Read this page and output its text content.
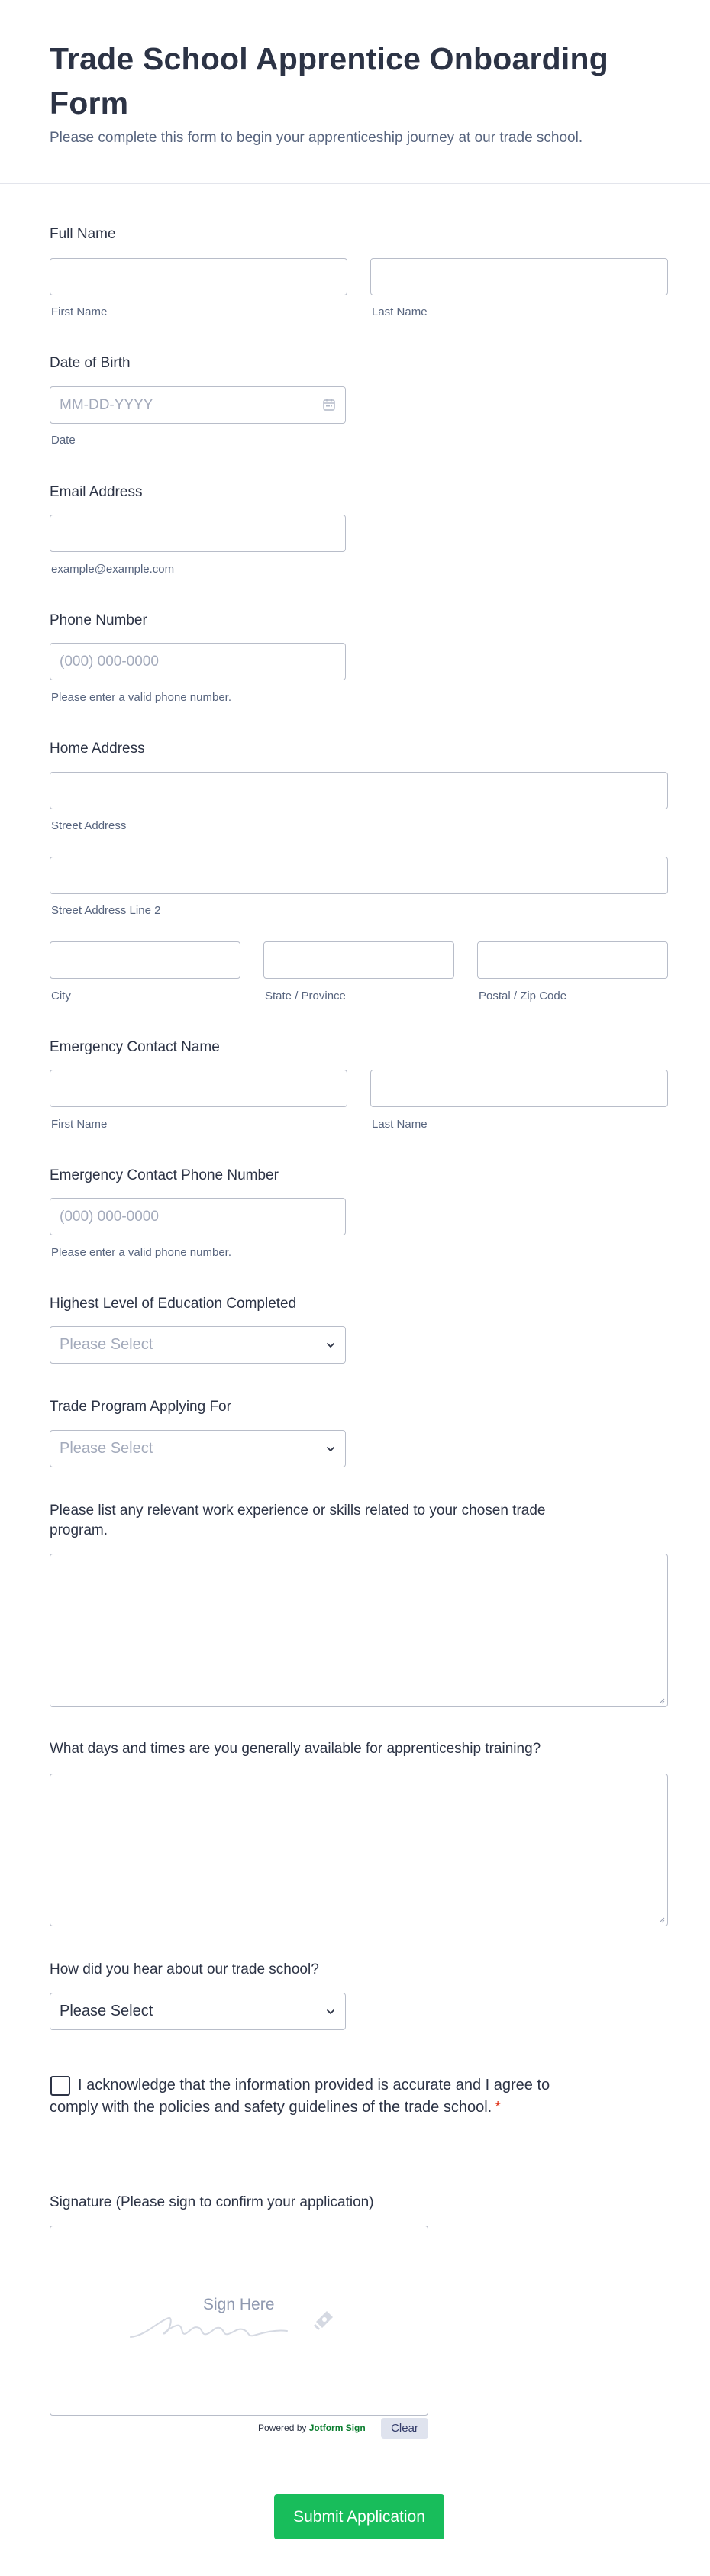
Trade School Apprentice Onboarding Form
Please complete this form to begin your apprenticeship journey at our trade school.
Full Name
First Name	Last Name
Date of Birth
MM-DD-YYYY
Date
Email Address
example@example.com
Phone Number
(000) 000-0000
Please enter a valid phone number.
Home Address
Street Address
Street Address Line 2
City	State / Province	Postal / Zip Code
Emergency Contact Name
First Name	Last Name
Emergency Contact Phone Number
(000) 000-0000
Please enter a valid phone number.
Highest Level of Education Completed
Please Select
Trade Program Applying For
Please Select
Please list any relevant work experience or skills related to your chosen trade
program.
What days and times are you generally available for apprenticeship training?
How did you hear about our trade school?
Please Select
I acknowledge that the information provided is accurate and I agree to
comply with the policies and safety guidelines of the trade school. *
Signature (Please sign to confirm your application)
Sign Here
Powered by Jotform Sign	Clear
Submit Application
